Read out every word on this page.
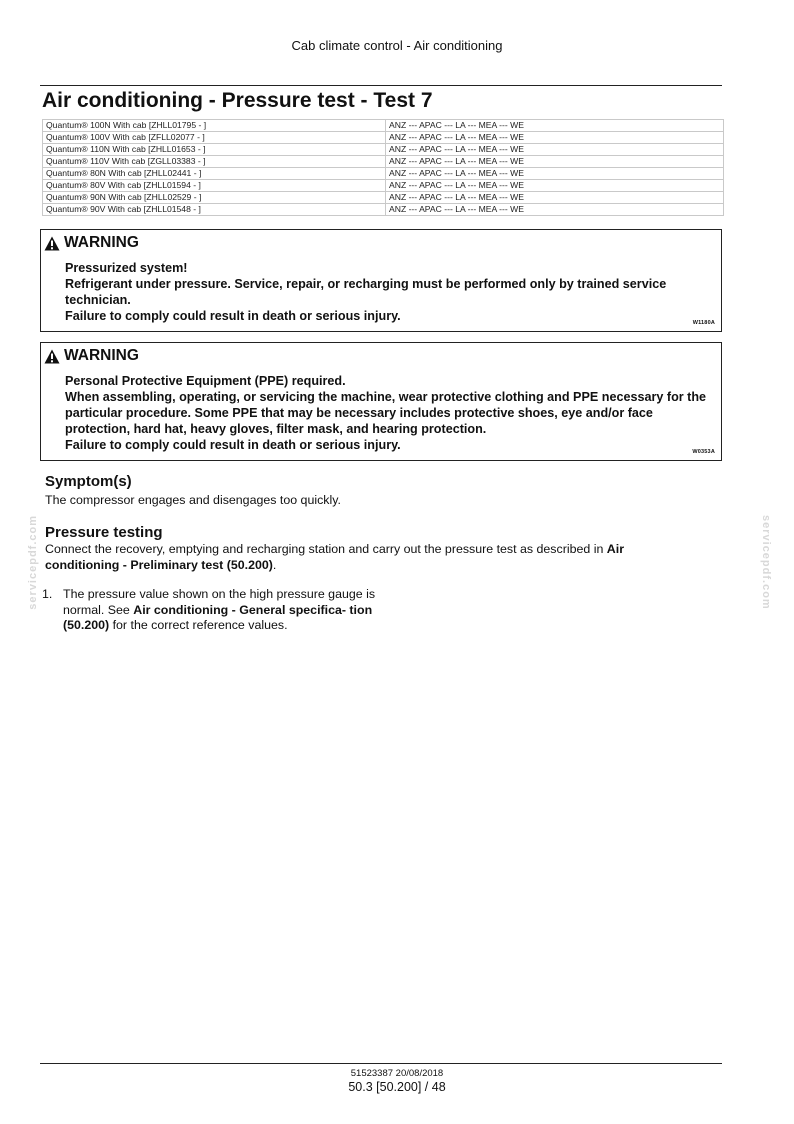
Cab climate control - Air conditioning
Air conditioning - Pressure test - Test 7
Quantum® 100N With cab [ZHLL01795 - ]	ANZ --- APAC --- LA --- MEA --- WE
Quantum® 100V With cab [ZFLL02077 - ]	ANZ --- APAC --- LA --- MEA --- WE
Quantum® 110N With cab [ZHLL01653 - ]	ANZ --- APAC --- LA --- MEA --- WE
Quantum® 110V With cab [ZGLL03383 - ]	ANZ --- APAC --- LA --- MEA --- WE
Quantum® 80N With cab [ZHLL02441 - ]	ANZ --- APAC --- LA --- MEA --- WE
Quantum® 80V With cab [ZHLL01594 - ]	ANZ --- APAC --- LA --- MEA --- WE
Quantum® 90N With cab [ZHLL02529 - ]	ANZ --- APAC --- LA --- MEA --- WE
Quantum® 90V With cab [ZHLL01548 - ]	ANZ --- APAC --- LA --- MEA --- WE
WARNING
Pressurized system!
Refrigerant under pressure. Service, repair, or recharging must be performed only by trained service technician.
Failure to comply could result in death or serious injury.	W1180A
WARNING
Personal Protective Equipment (PPE) required.
When assembling, operating, or servicing the machine, wear protective clothing and PPE necessary for the particular procedure. Some PPE that may be necessary includes protective shoes, eye and/or face protection, hard hat, heavy gloves, filter mask, and hearing protection.
Failure to comply could result in death or serious injury.	W0353A
Symptom(s)
The compressor engages and disengages too quickly.
Pressure testing
Connect the recovery, emptying and recharging station and carry out the pressure test as described in Air conditioning - Preliminary test (50.200).
1. The pressure value shown on the high pressure gauge is normal. See Air conditioning - General specifica- tion (50.200) for the correct reference values.
servicepdf.com	servicepdf.com
51523387 20/08/2018
50.3 [50.200] / 48
